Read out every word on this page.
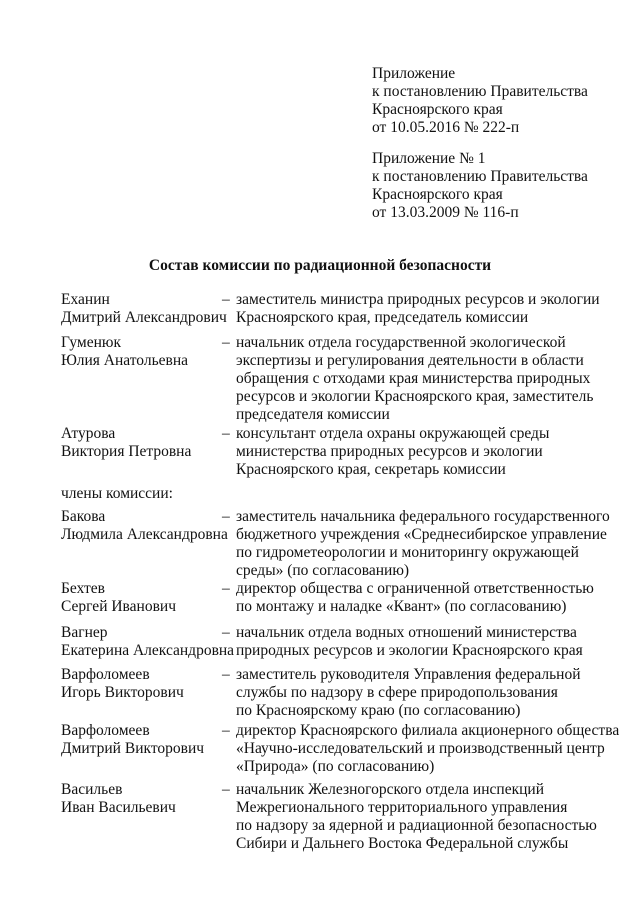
Приложение
к постановлению Правительства
Красноярского края
от 10.05.2016 № 222-п
Приложение № 1
к постановлению Правительства
Красноярского края
от 13.03.2009 № 116-п
Состав комиссии по радиационной безопасности
Еханин
Дмитрий Александрович
– заместитель министра природных ресурсов и экологии
Красноярского края, председатель комиссии
Гуменюк
Юлия Анатольевна
– начальник отдела государственной экологической
экспертизы и регулирования деятельности в области
обращения с отходами края министерства природных
ресурсов и экологии Красноярского края, заместитель
председателя комиссии
Атурова
Виктория Петровна
– консультант отдела охраны окружающей среды
министерства природных ресурсов и экологии
Красноярского края, секретарь комиссии
члены комиссии:
Бакова
Людмила Александровна
– заместитель начальника федерального государственного
бюджетного учреждения «Среднесибирское управление
по гидрометеорологии и мониторингу окружающей
среды» (по согласованию)
Бехтев
Сергей Иванович
– директор общества с ограниченной ответственностью
по монтажу и наладке «Квант» (по согласованию)
Вагнер
Екатерина Александровна
– начальник отдела водных отношений министерства
природных ресурсов и экологии Красноярского края
Варфоломеев
Игорь Викторович
– заместитель руководителя Управления федеральной
службы по надзору в сфере природопользования
по Красноярскому краю (по согласованию)
Варфоломеев
Дмитрий Викторович
– директор Красноярского филиала акционерного общества
«Научно-исследовательский и производственный центр
«Природа» (по согласованию)
Васильев
Иван Васильевич
– начальник Железногорского отдела инспекций
Межрегионального территориального управления
по надзору за ядерной и радиационной безопасностью
Сибири и Дальнего Востока Федеральной службы
